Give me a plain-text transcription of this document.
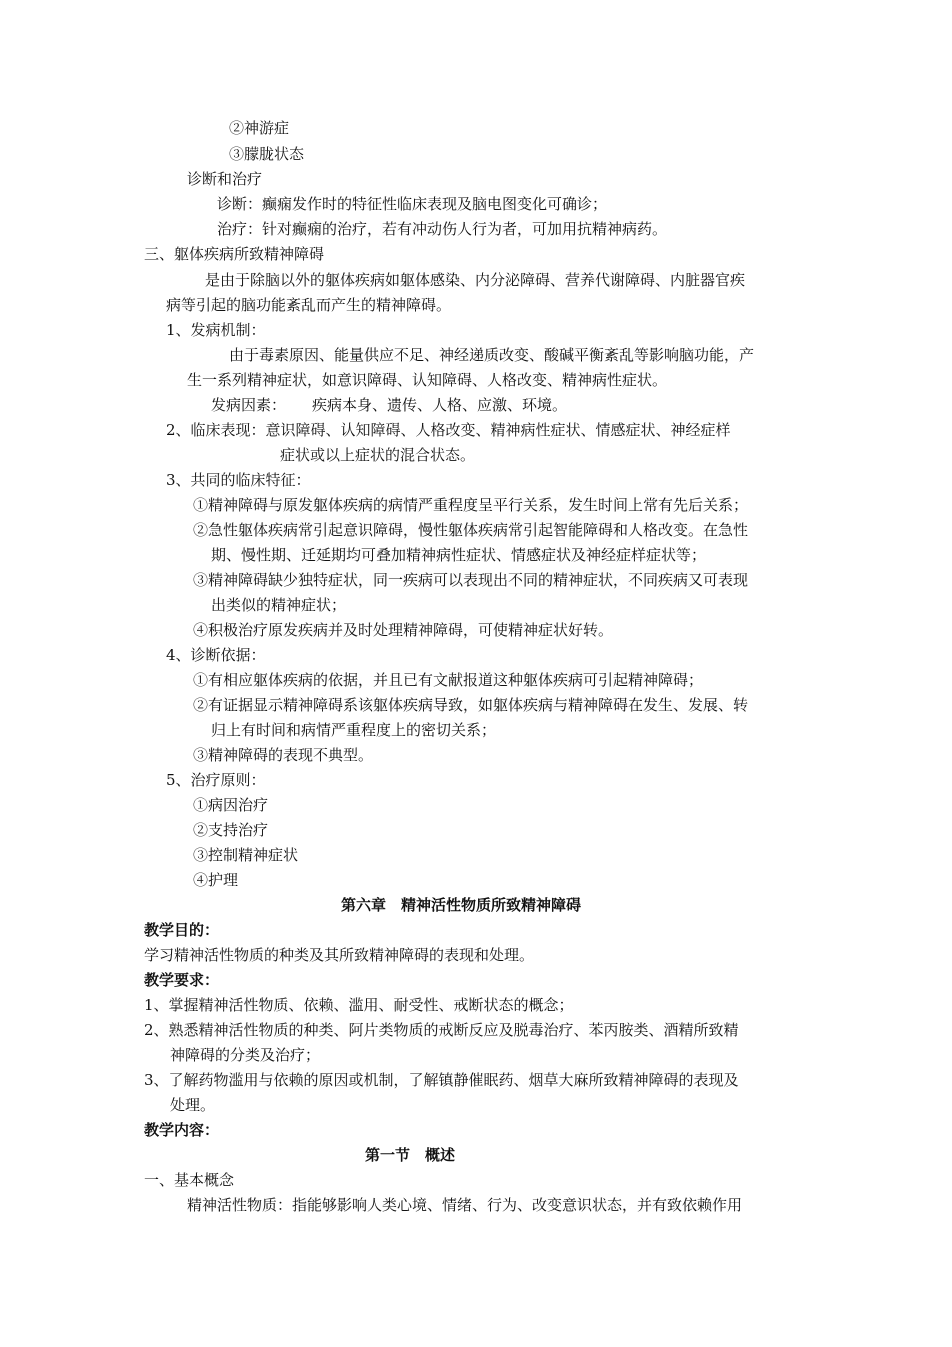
②神游症
③朦胧状态
诊断和治疗
诊断：癫痫发作时的特征性临床表现及脑电图变化可确诊；
治疗：针对癫痫的治疗，若有冲动伤人行为者，可加用抗精神病药。
三、躯体疾病所致精神障碍
是由于除脑以外的躯体疾病如躯体感染、内分泌障碍、营养代谢障碍、内脏器官疾
病等引起的脑功能紊乱而产生的精神障碍。
1、发病机制：
由于毒素原因、能量供应不足、神经递质改变、酸碱平衡紊乱等影响脑功能，产
生一系列精神症状，如意识障碍、认知障碍、人格改变、精神病性症状。
发病因素： 疾病本身、遗传、人格、应激、环境。
2、临床表现：意识障碍、认知障碍、人格改变、精神病性症状、情感症状、神经症样
症状或以上症状的混合状态。
3、共同的临床特征：
①精神障碍与原发躯体疾病的病情严重程度呈平行关系，发生时间上常有先后关系；
②急性躯体疾病常引起意识障碍，慢性躯体疾病常引起智能障碍和人格改变。在急性
期、慢性期、迁延期均可叠加精神病性症状、情感症状及神经症样症状等；
③精神障碍缺少独特症状，同一疾病可以表现出不同的精神症状，不同疾病又可表现
出类似的精神症状；
④积极治疗原发疾病并及时处理精神障碍，可使精神症状好转。
4、诊断依据：
①有相应躯体疾病的依据，并且已有文献报道这种躯体疾病可引起精神障碍；
②有证据显示精神障碍系该躯体疾病导致，如躯体疾病与精神障碍在发生、发展、转
归上有时间和病情严重程度上的密切关系；
③精神障碍的表现不典型。
5、治疗原则：
①病因治疗
②支持治疗
③控制精神症状
④护理
第六章　精神活性物质所致精神障碍
教学目的：
学习精神活性物质的种类及其所致精神障碍的表现和处理。
教学要求：
1、掌握精神活性物质、依赖、滥用、耐受性、戒断状态的概念；
2、熟悉精神活性物质的种类、阿片类物质的戒断反应及脱毒治疗、苯丙胺类、酒精所致精
神障碍的分类及治疗；
3、了解药物滥用与依赖的原因或机制，了解镇静催眠药、烟草大麻所致精神障碍的表现及
处理。
教学内容：
第一节　概述
一、基本概念
精神活性物质：指能够影响人类心境、情绪、行为、改变意识状态，并有致依赖作用
